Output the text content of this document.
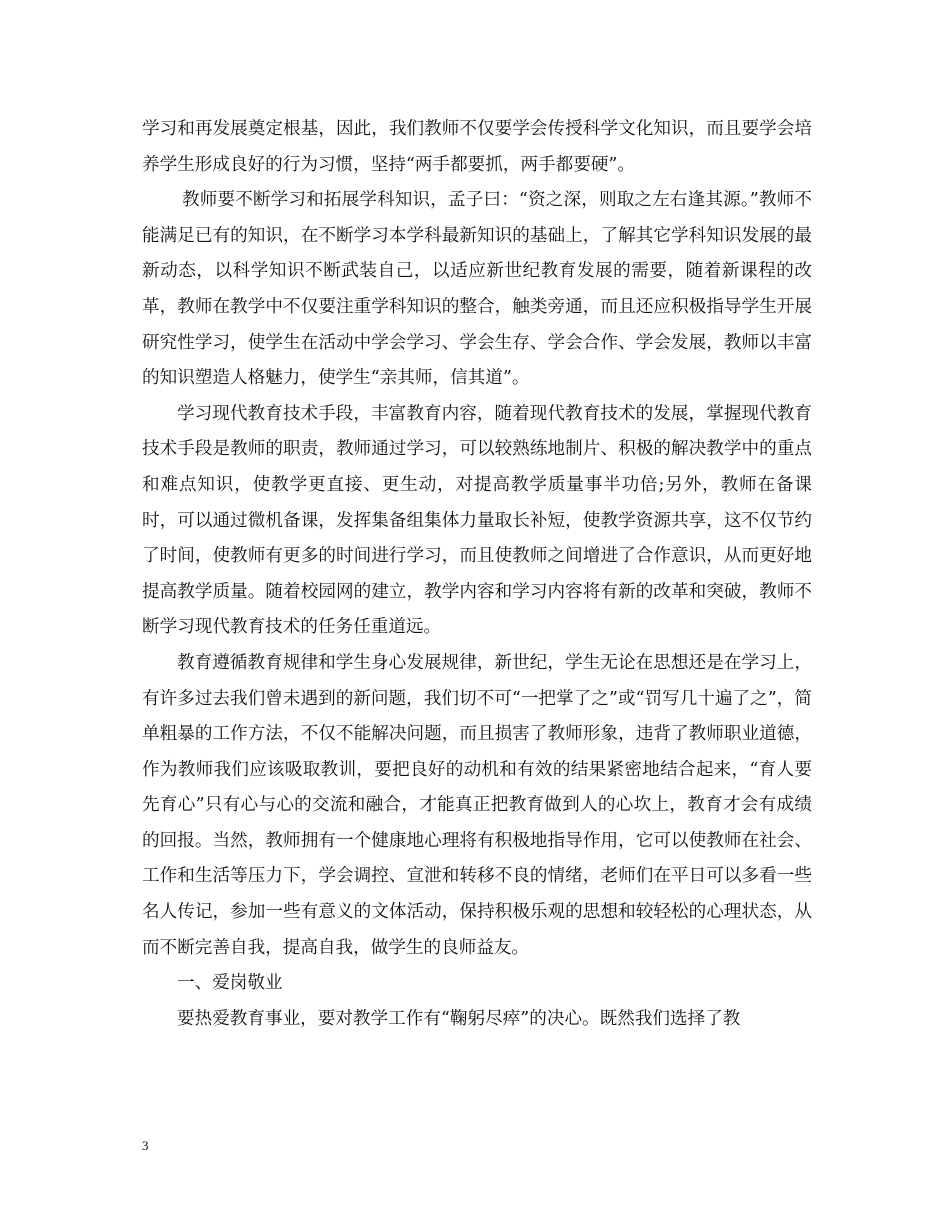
学习和再发展奠定根基，因此，我们教师不仅要学会传授科学文化知识，而且要学会培养学生形成良好的行为习惯，坚持“两手都要抓，两手都要硬”。

教师要不断学习和拓展学科知识，孟子曰：“资之深，则取之左右逢其源。”教师不能满足已有的知识，在不断学习本学科最新知识的基础上，了解其它学科知识发展的最新动态，以科学知识不断武装自己，以适应新世纪教育发展的需要，随着新课程的改革，教师在教学中不仅要注重学科知识的整合，触类旁通，而且还应积极指导学生开展研究性学习，使学生在活动中学会学习、学会生存、学会合作、学会发展，教师以丰富的知识塑造人格魅力，使学生“亲其师，信其道”。

学习现代教育技术手段，丰富教育内容，随着现代教育技术的发展，掌握现代教育技术手段是教师的职责，教师通过学习，可以较熟练地制片、积极的解决教学中的重点和难点知识，使教学更直接、更生动，对提高教学质量事半功倍;另外，教师在备课时，可以通过微机备课，发挥集备组集体力量取长补短，使教学资源共享，这不仅节约了时间，使教师有更多的时间进行学习，而且使教师之间增进了合作意识，从而更好地提高教学质量。随着校园网的建立，教学内容和学习内容将有新的改革和突破，教师不断学习现代教育技术的任务任重道远。

教育遵循教育规律和学生身心发展规律，新世纪，学生无论在思想还是在学习上，有许多过去我们曾未遇到的新问题，我们切不可“一把掌了之”或“罚写几十遍了之”，简单粗暴的工作方法，不仅不能解决问题，而且损害了教师形象，违背了教师职业道德，作为教师我们应该吸取教训，要把良好的动机和有效的结果紧密地结合起来，“育人要先育心”只有心与心的交流和融合，才能真正把教育做到人的心坎上，教育才会有成绩的回报。当然，教师拥有一个健康地心理将有积极地指导作用，它可以使教师在社会、工作和生活等压力下，学会调控、宣泄和转移不良的情绪，老师们在平日可以多看一些名人传记，参加一些有意义的文体活动，保持积极乐观的思想和较轻松的心理状态，从而不断完善自我，提高自我，做学生的良师益友。

一、爱岗敬业

要热爱教育事业，要对教学工作有“鞠躬尽瘁”的决心。既然我们选择了教

3
